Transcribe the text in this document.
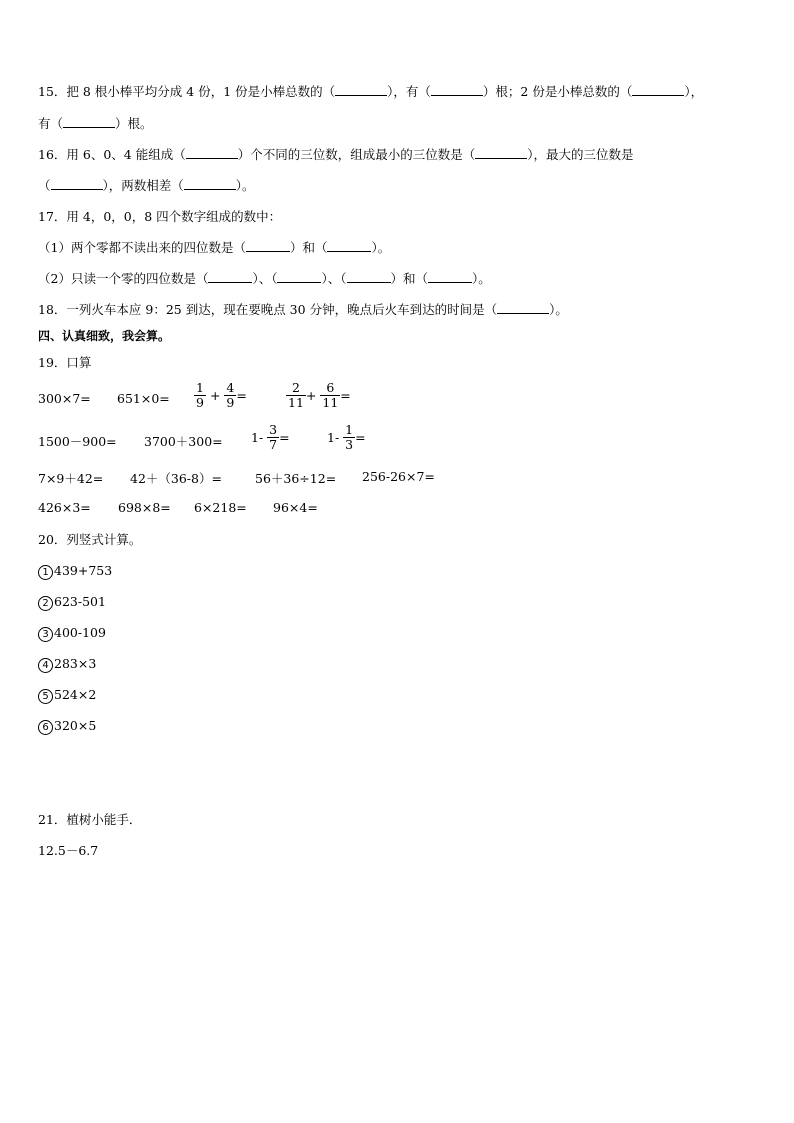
15．把 8 根小棒平均分成 4 份，1 份是小棒总数的（	），有（	）根；2 份是小棒总数的（	），
有（	）根。
16．用 6、0、4 能组成（	）个不同的三位数，组成最小的三位数是（	），最大的三位数是
（	），两数相差（	）。
17．用 4，0，0，8 四个数字组成的数中：
（1）两个零都不读出来的四位数是（	）和（	）。
（2）只读一个零的四位数是（	）、（	）、（	）和（	）。
18．一列火车本应 9：25 到达，现在要晚点 30 分钟，晚点后火车到达的时间是（	）。
四、认真细致，我会算。
19．口算
$300\times 7= 651\times 0= \frac{1}{9} + \frac{4}{9}$ =	$\frac{2}{11} + \frac{6}{11}$ =
$1500-900= 3700+300= 1- \frac{3}{7}$ =	$1- \frac{1}{3}$ =
7×9＋42= 42＋（36-8）=	56＋36÷12= 256-26×7=
426×3= 698×8= 6×218= 96×4=
20．列竖式计算。
1 439+753
2 623-501
3 400-109
4 283×3
5 524×2
6 320×5
21．植树小能手．
12.5－6.7
